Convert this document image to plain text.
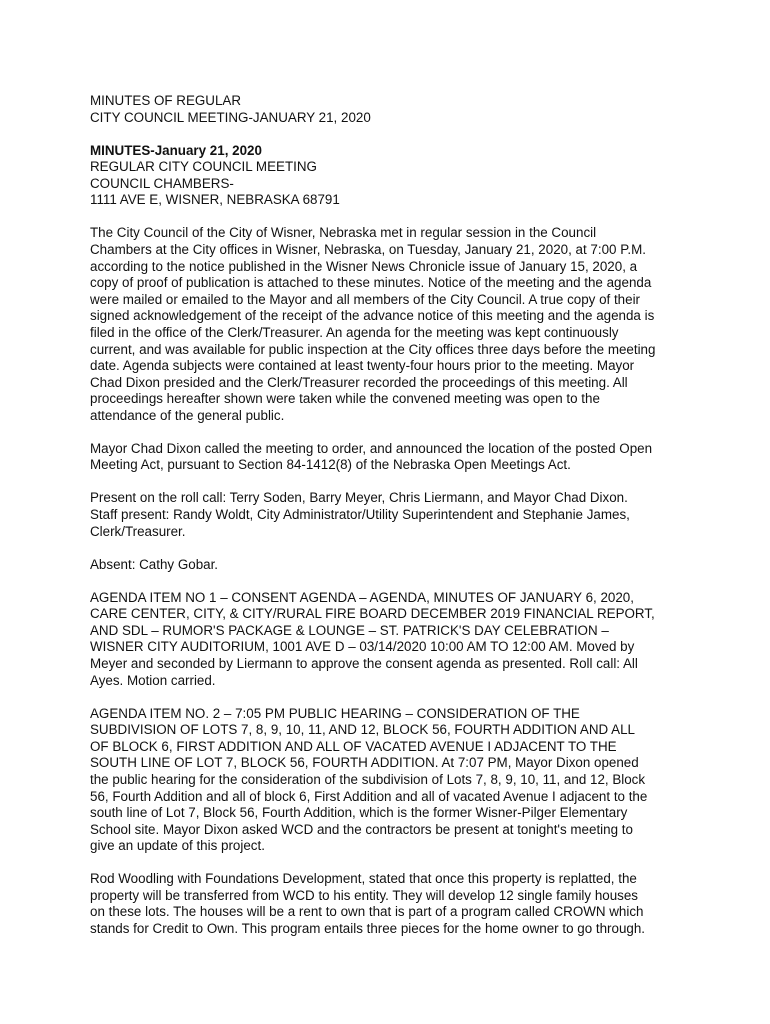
MINUTES OF REGULAR
CITY COUNCIL MEETING-JANUARY 21, 2020
MINUTES-January 21, 2020
REGULAR CITY COUNCIL MEETING
COUNCIL CHAMBERS-
1111 AVE E, WISNER, NEBRASKA 68791

The City Council of the City of Wisner, Nebraska met in regular session in the Council
Chambers at the City offices in Wisner, Nebraska, on Tuesday, January 21, 2020, at 7:00 P.M.
according to the notice published in the Wisner News Chronicle issue of January 15, 2020, a
copy of proof of publication is attached to these minutes. Notice of the meeting and the agenda
were mailed or emailed to the Mayor and all members of the City Council. A true copy of their
signed acknowledgement of the receipt of the advance notice of this meeting and the agenda is
filed in the office of the Clerk/Treasurer. An agenda for the meeting was kept continuously
current, and was available for public inspection at the City offices three days before the meeting
date. Agenda subjects were contained at least twenty-four hours prior to the meeting. Mayor
Chad Dixon presided and the Clerk/Treasurer recorded the proceedings of this meeting. All
proceedings hereafter shown were taken while the convened meeting was open to the
attendance of the general public.

Mayor Chad Dixon called the meeting to order, and announced the location of the posted Open
Meeting Act, pursuant to Section 84-1412(8) of the Nebraska Open Meetings Act.

Present on the roll call: Terry Soden, Barry Meyer, Chris Liermann, and Mayor Chad Dixon.
Staff present: Randy Woldt, City Administrator/Utility Superintendent and Stephanie James,
Clerk/Treasurer.

Absent: Cathy Gobar.

AGENDA ITEM NO 1 – CONSENT AGENDA – AGENDA, MINUTES OF JANUARY 6, 2020,
CARE CENTER, CITY, & CITY/RURAL FIRE BOARD DECEMBER 2019 FINANCIAL REPORT,
AND SDL – RUMOR'S PACKAGE & LOUNGE – ST. PATRICK'S DAY CELEBRATION –
WISNER CITY AUDITORIUM, 1001 AVE D – 03/14/2020 10:00 AM TO 12:00 AM. Moved by
Meyer and seconded by Liermann to approve the consent agenda as presented. Roll call: All
Ayes. Motion carried.

AGENDA ITEM NO. 2 – 7:05 PM PUBLIC HEARING – CONSIDERATION OF THE
SUBDIVISION OF LOTS 7, 8, 9, 10, 11, AND 12, BLOCK 56, FOURTH ADDITION AND ALL
OF BLOCK 6, FIRST ADDITION AND ALL OF VACATED AVENUE I ADJACENT TO THE
SOUTH LINE OF LOT 7, BLOCK 56, FOURTH ADDITION. At 7:07 PM, Mayor Dixon opened
the public hearing for the consideration of the subdivision of Lots 7, 8, 9, 10, 11, and 12, Block
56, Fourth Addition and all of block 6, First Addition and all of vacated Avenue I adjacent to the
south line of Lot 7, Block 56, Fourth Addition, which is the former Wisner-Pilger Elementary
School site. Mayor Dixon asked WCD and the contractors be present at tonight's meeting to
give an update of this project.

Rod Woodling with Foundations Development, stated that once this property is replatted, the
property will be transferred from WCD to his entity. They will develop 12 single family houses
on these lots. The houses will be a rent to own that is part of a program called CROWN which
stands for Credit to Own. This program entails three pieces for the home owner to go through.
